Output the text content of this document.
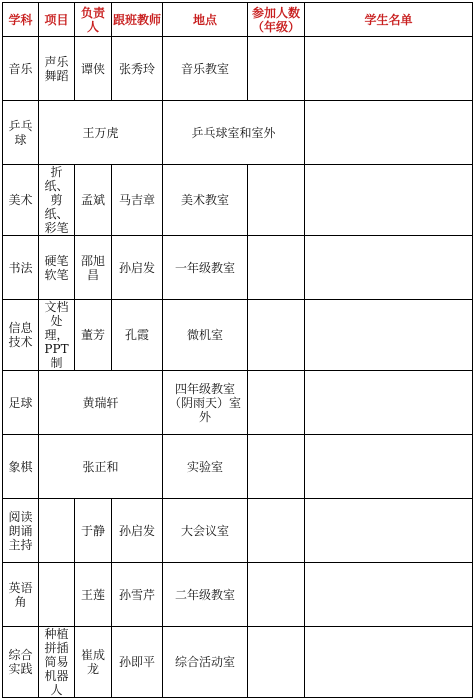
学科	项目	负责人	跟班教师	地点	参加人数（年级）	学生名单
音乐	声乐舞蹈	谭侠	张秀玲	音乐教室		
乒乓球	王万虎			乒乓球室和室外		
美术	折纸、剪纸、彩笔	孟斌	马吉章	美术教室		
书法	硬笔软笔	邵旭昌	孙启发	一年级教室		
信息技术	文档处理，PPT制	董芳	孔霞	微机室		
足球	黄瑞轩			四年级教室（阴雨天）室外		
象棋	张正和			实验室		
阅读朗诵主持		于静	孙启发	大会议室		
英语角		王莲	孙雪芹	二年级教室		
综合实践	种植拼插简易机器人	崔成龙	孙即平	综合活动室		
